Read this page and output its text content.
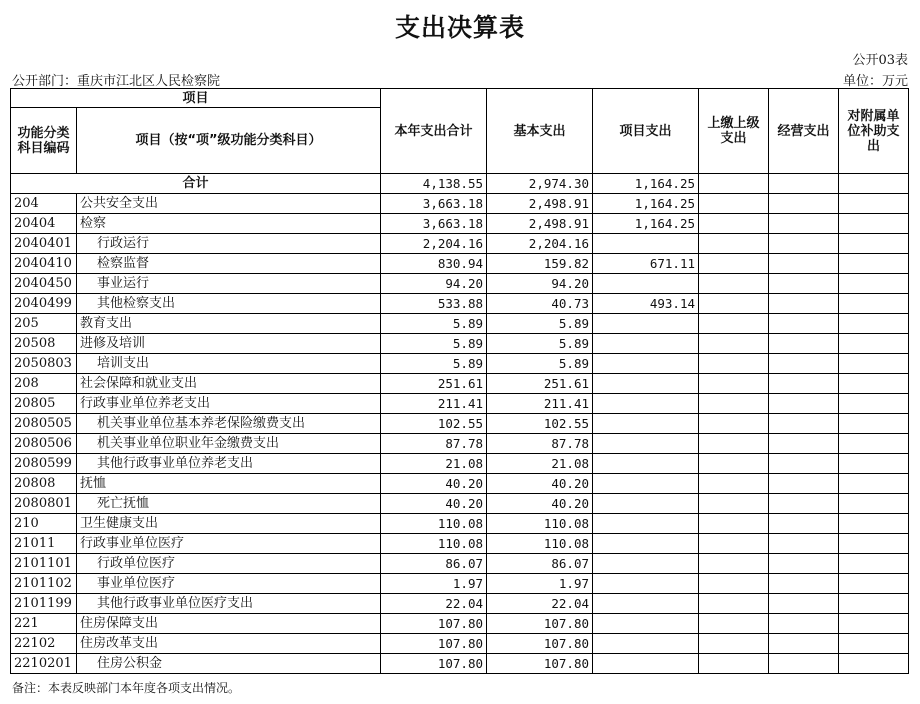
支出决算表
公开03表
公开部门：重庆市江北区人民检察院	单位：万元
项目		本年支出合计	基本支出	项目支出	上缴上级支出	经营支出	对附属单位补助支出
功能分类科目编码	项目（按“项”级功能分类科目）						
合计		4,138.55	2,974.30	1,164.25			
204	公共安全支出	3,663.18	2,498.91	1,164.25			
20404	检察	3,663.18	2,498.91	1,164.25			
2040401	行政运行	2,204.16	2,204.16				
2040410	检察监督	830.94	159.82	671.11			
2040450	事业运行	94.20	94.20				
2040499	其他检察支出	533.88	40.73	493.14			
205	教育支出	5.89	5.89				
20508	进修及培训	5.89	5.89				
2050803	培训支出	5.89	5.89				
208	社会保障和就业支出	251.61	251.61				
20805	行政事业单位养老支出	211.41	211.41				
2080505	机关事业单位基本养老保险缴费支出	102.55	102.55				
2080506	机关事业单位职业年金缴费支出	87.78	87.78				
2080599	其他行政事业单位养老支出	21.08	21.08				
20808	抚恤	40.20	40.20				
2080801	死亡抚恤	40.20	40.20				
210	卫生健康支出	110.08	110.08				
21011	行政事业单位医疗	110.08	110.08				
2101101	行政单位医疗	86.07	86.07				
2101102	事业单位医疗	1.97	1.97				
2101199	其他行政事业单位医疗支出	22.04	22.04				
221	住房保障支出	107.80	107.80				
22102	住房改革支出	107.80	107.80				
2210201	住房公积金	107.80	107.80				
备注：本表反映部门本年度各项支出情况。
